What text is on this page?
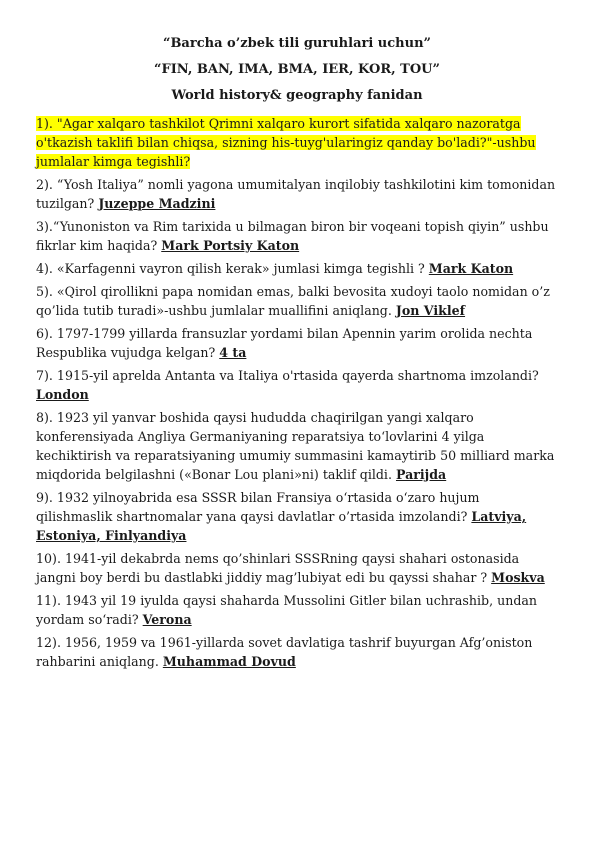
“Barcha o’zbek tili guruhlari uchun”

“FIN, BAN, IMA, BMA, IER, KOR, TOU”

World history& geography fanidan

1). "Agar xalqaro tashkilot Qrimni xalqaro kurort sifatida xalqaro nazoratga o'tkazish taklifi bilan chiqsa, sizning his-tuyg'ularingiz qanday bo'ladi?"-ushbu jumlalar kimga tegishli?

2). “Yosh Italiya” nomli yagona umumitalyan inqilobiy tashkilotini kim tomonidan tuzilgan? Juzeppe Madzini

3).“Yunoniston va Rim tarixida u bilmagan biron bir voqeani topish qiyin” ushbu fikrlar kim haqida? Mark Portsiy Katon

4). «Karfagenni vayron qilish kerak» jumlasi kimga tegishli ? Mark Katon

5). «Qirol qirollikni papa nomidan emas, balki bevosita xudoyi taolo nomidan o’z qo’lida tutib turadi»-ushbu jumlalar muallifini aniqlang. Jon Viklef

6). 1797-1799 yillarda fransuzlar yordami bilan Apennin yarim orolida nechta Respublika vujudga kelgan? 4 ta

7). 1915-yil aprelda Antanta va Italiya o'rtasida qayerda shartnoma imzolandi? London

8). 1923 yil yanvar boshida qaysi hududda chaqirilgan yangi xalqaro konferensiyada Angliya Germaniyaning reparatsiya to‘lovlarini 4 yilga kechiktirish va reparatsiyaning umumiy summasini kamaytirib 50 milliard marka miqdorida belgilashni («Bonar Lou plani»ni) taklif qildi. Parijda

9). 1932 yilnoyabrida esa SSSR bilan Fransiya o‘rtasida o‘zaro hujum qilishmaslik shartnomalar yana qaysi davlatlar o’rtasida imzolandi? Latviya, Estoniya, Finlyandiya

10). 1941-yil dekabrda nems qo’shinlari SSSRning qaysi shahari ostonasida jangni boy berdi bu dastlabki jiddiy mag’lubiyat edi bu qayssi shahar ? Moskva

11). 1943 yil 19 iyulda qaysi shaharda Mussolini Gitler bilan uchrashib, undan yordam so‘radi? Verona

12). 1956, 1959 va 1961-yillarda sovet davlatiga tashrif buyurgan Afg’oniston rahbarini aniqlang. Muhammad Dovud
